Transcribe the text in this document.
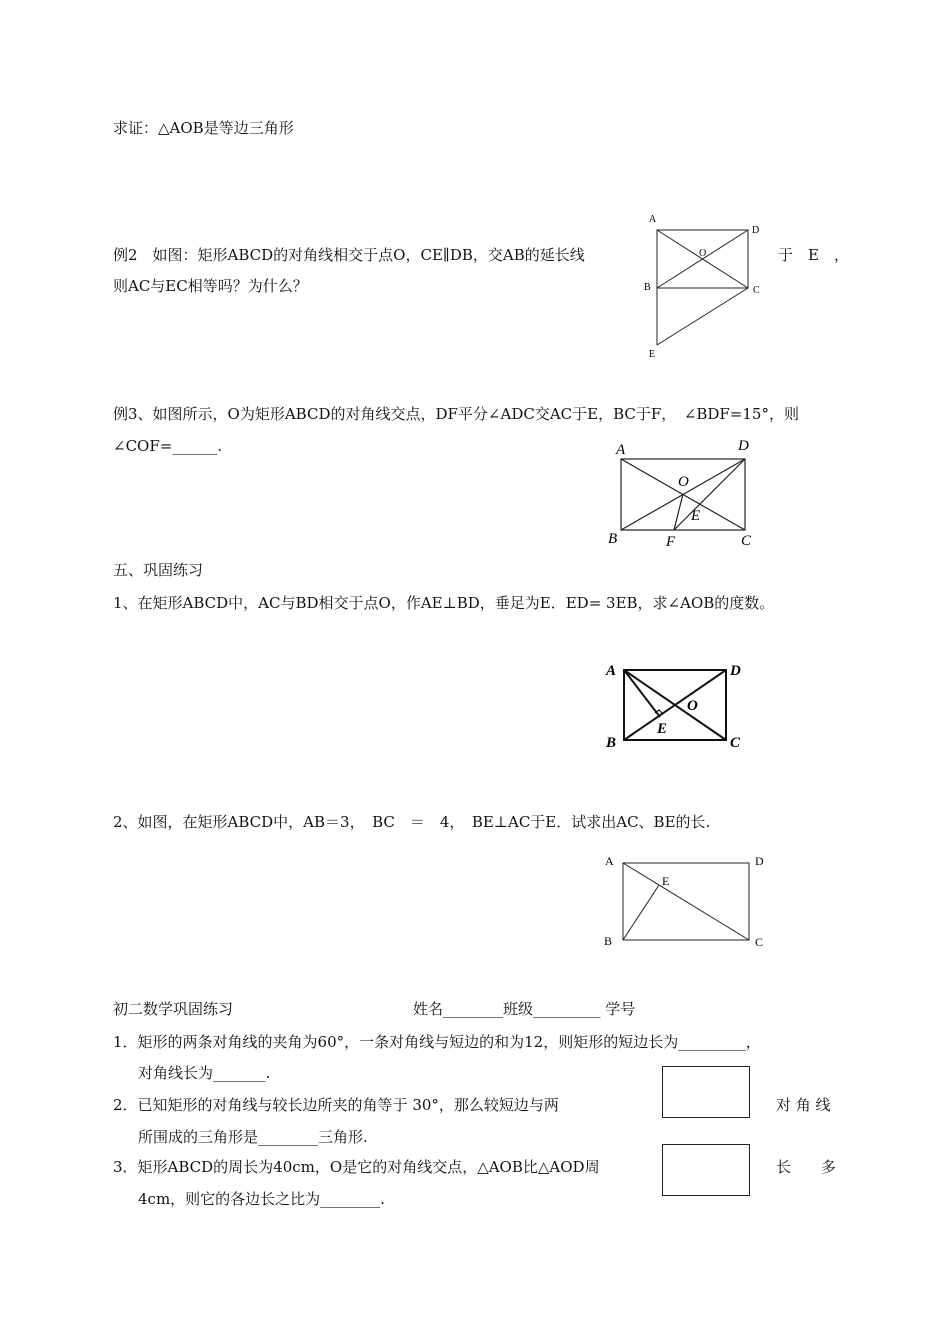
求证：△AOB是等边三角形
例2　如图：矩形ABCD的对角线相交于点O，CE∥DB，交AB的延长线	于　E　，
则AC与EC相等吗？为什么？
A
D
B	C
O
E
例3、如图所示，O为矩形ABCD的对角线交点，DF平分∠ADC交AC于E，BC于F，　∠BDF=15°，则
∠COF=______.	A	D
B	C
O
E
F
五、巩固练习
1、在矩形ABCD中，AC与BD相交于点O，作AE⊥BD，垂足为E．ED= 3EB，求∠AOB的度数。
A	D
B	C
O
E
2、如图，在矩形ABCD中，AB＝3，　BC　＝　4，　BE⊥AC于E．试求出AC、BE的长.
A	D
B	C
E
初二数学巩固练习	姓名________班级_________ 学号
1．矩形的两条对角线的夹角为60°，一条对角线与短边的和为12，则矩形的短边长为_________，
对角线长为_______.
2．已知矩形的对角线与较长边所夹的角等于 30°，那么较短边与两	对 角 线
所围成的三角形是________三角形.
3．矩形ABCD的周长为40cm，O是它的对角线交点，△AOB比△AOD周	长　　多
4cm，则它的各边长之比为________.
